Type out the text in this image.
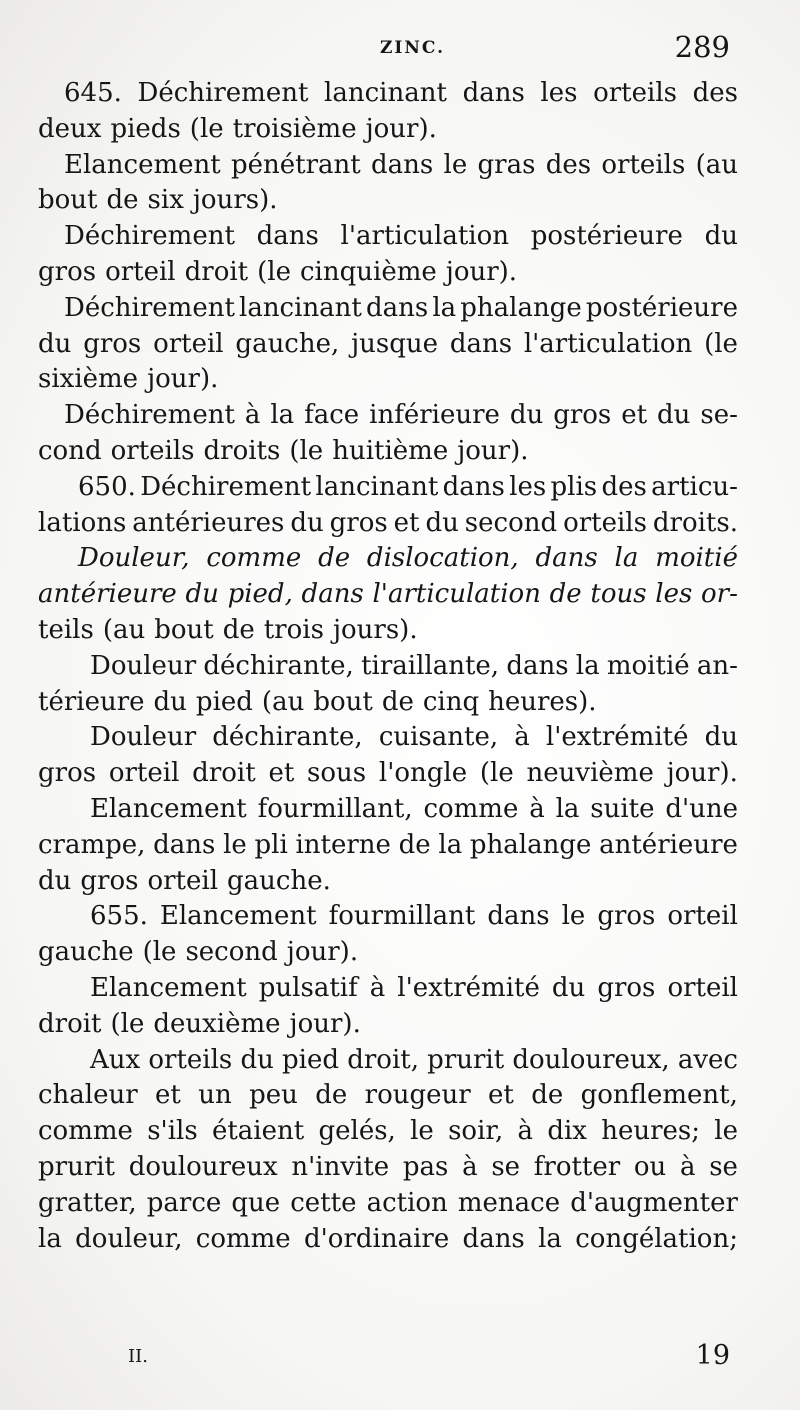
ZINC.	289
645. Déchirement lancinant dans les orteils des
deux pieds (le troisième jour).
Elancement pénétrant dans le gras des orteils (au
bout de six jours).
Déchirement dans l'articulation postérieure du
gros orteil droit (le cinquième jour).
Déchirement lancinant dans la phalange postérieure
du gros orteil gauche, jusque dans l'articulation (le
sixième jour).
Déchirement à la face inférieure du gros et du se-
cond orteils droits (le huitième jour).
650. Déchirement lancinant dans les plis des articu-
lations antérieures du gros et du second orteils droits.
Douleur, comme de dislocation, dans la moitié
antérieure du pied, dans l'articulation de tous les or-
teils (au bout de trois jours).
Douleur déchirante, tiraillante, dans la moitié an-
térieure du pied (au bout de cinq heures).
Douleur déchirante, cuisante, à l'extrémité du
gros orteil droit et sous l'ongle (le neuvième jour).
Elancement fourmillant, comme à la suite d'une
crampe, dans le pli interne de la phalange antérieure
du gros orteil gauche.
655. Elancement fourmillant dans le gros orteil
gauche (le second jour).
Elancement pulsatif à l'extrémité du gros orteil
droit (le deuxième jour).
Aux orteils du pied droit, prurit douloureux, avec
chaleur et un peu de rougeur et de gonflement,
comme s'ils étaient gelés, le soir, à dix heures; le
prurit douloureux n'invite pas à se frotter ou à se
gratter, parce que cette action menace d'augmenter
la douleur, comme d'ordinaire dans la congélation;
II.	19
